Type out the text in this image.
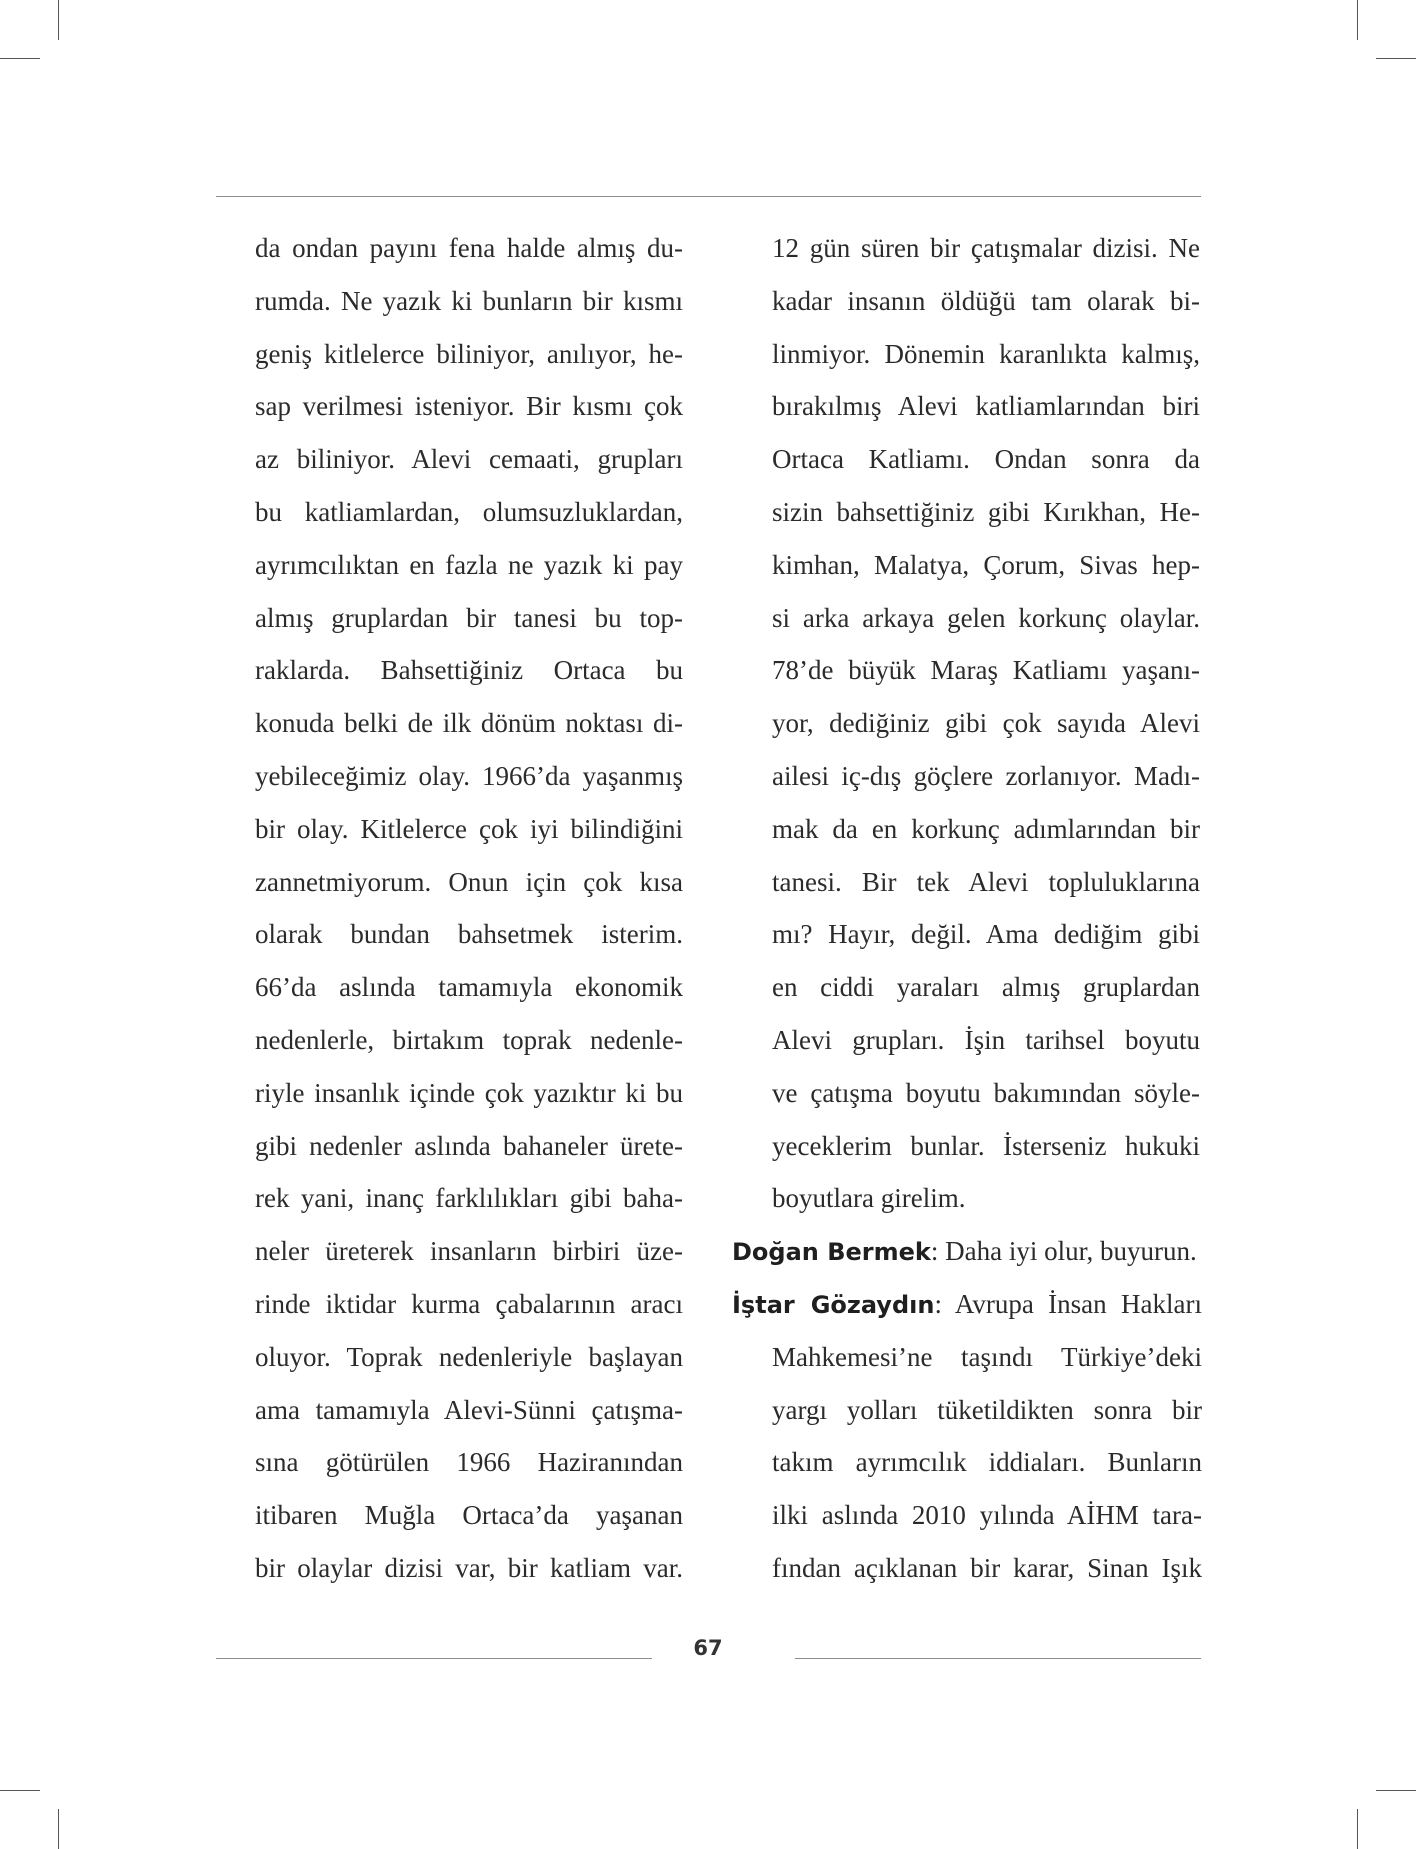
da ondan payını fena halde almış du-
rumda. Ne yazık ki bunların bir kısmı
geniş kitlelerce biliniyor, anılıyor, he-
sap verilmesi isteniyor. Bir kısmı çok
az biliniyor. Alevi cemaati, grupları
bu katliamlardan, olumsuzluklardan,
ayrımcılıktan en fazla ne yazık ki pay
almış gruplardan bir tanesi bu top-
raklarda. Bahsettiğiniz Ortaca bu
konuda belki de ilk dönüm noktası di-
yebileceğimiz olay. 1966’da yaşanmış
bir olay. Kitlelerce çok iyi bilindiğini
zannetmiyorum. Onun için çok kısa
olarak bundan bahsetmek isterim.
66’da aslında tamamıyla ekonomik
nedenlerle, birtakım toprak nedenle-
riyle insanlık içinde çok yazıktır ki bu
gibi nedenler aslında bahaneler ürete-
rek yani, inanç farklılıkları gibi baha-
neler üreterek insanların birbiri üze-
rinde iktidar kurma çabalarının aracı
oluyor. Toprak nedenleriyle başlayan
ama tamamıyla Alevi-Sünni çatışma-
sına götürülen 1966 Haziranından
itibaren Muğla Ortaca’da yaşanan
bir olaylar dizisi var, bir katliam var.
12 gün süren bir çatışmalar dizisi. Ne
kadar insanın öldüğü tam olarak bi-
linmiyor. Dönemin karanlıkta kalmış,
bırakılmış Alevi katliamlarından biri
Ortaca Katliamı. Ondan sonra da
sizin bahsettiğiniz gibi Kırıkhan, He-
kimhan, Malatya, Çorum, Sivas hep-
si arka arkaya gelen korkunç olaylar.
78’de büyük Maraş Katliamı yaşanı-
yor, dediğiniz gibi çok sayıda Alevi
ailesi iç-dış göçlere zorlanıyor. Madı-
mak da en korkunç adımlarından bir
tanesi. Bir tek Alevi topluluklarına
mı? Hayır, değil. Ama dediğim gibi
en ciddi yaraları almış gruplardan
Alevi grupları. İşin tarihsel boyutu
ve çatışma boyutu bakımından söyle-
yeceklerim bunlar. İsterseniz hukuki
boyutlara girelim.
Doğan Bermek: Daha iyi olur, buyurun.
İştar Gözaydın: Avrupa İnsan Hakları
Mahkemesi’ne taşındı Türkiye’deki
yargı yolları tüketildikten sonra bir
takım ayrımcılık iddiaları. Bunların
ilki aslında 2010 yılında AİHM tara-
fından açıklanan bir karar, Sinan Işık
67
